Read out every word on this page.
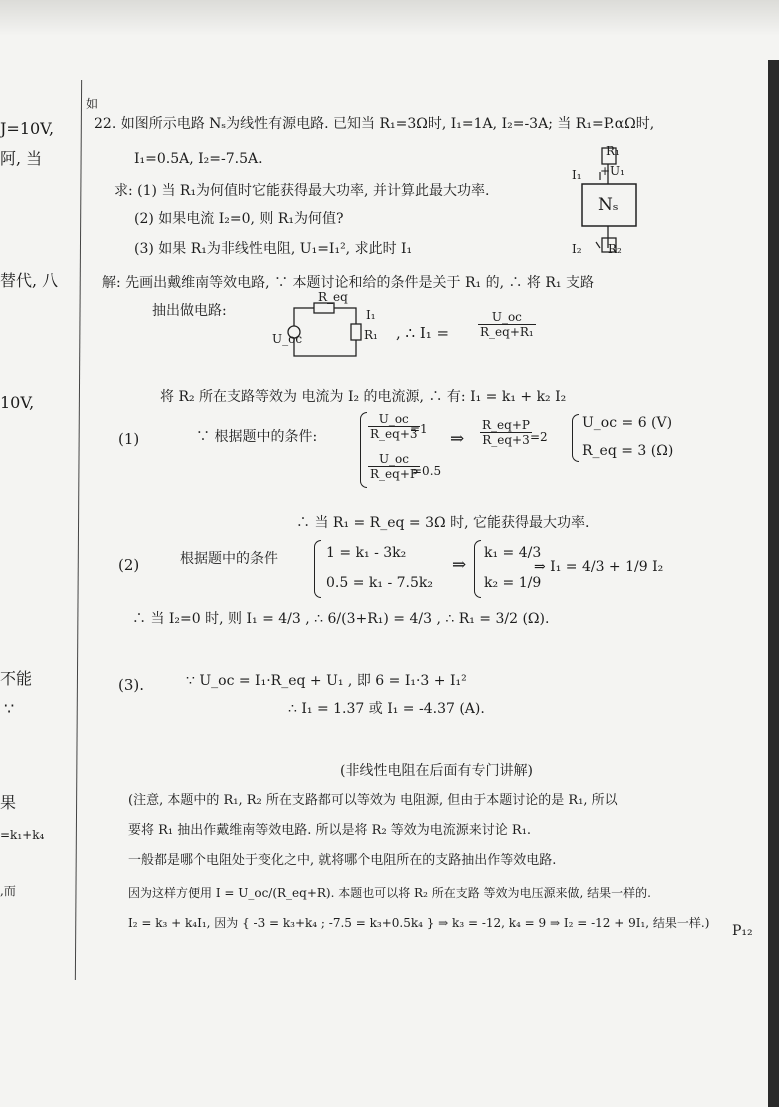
J=10V,
阿, 当
替代, 八
10V,
不能
∵
果
=k₁+k₄
,而
如
22. 如图所示电路 Nₛ为线性有源电路. 已知当 R₁=3Ω时, I₁=1A, I₂=-3A; 当 R₁=P.αΩ时,
I₁=0.5A, I₂=-7.5A.
求: (1) 当 R₁为何值时它能获得最大功率, 并计算此最大功率.
(2) 如果电流 I₂=0, 则 R₁为何值?
(3) 如果 R₁为非线性电阻, U₁=I₁², 求此时 I₁
R₁
+U₁
I₁
Nₛ
I₂ R₂
解: 先画出戴维南等效电路, ∵ 本题讨论和给的条件是关于 R₁ 的, ∴ 将 R₁ 支路
抽出做电路:
R_eq
U_oc	R₁
I₁
, ∴ $I_1 = \frac{U\_oc}{\text{R\_eq+R₁}}$
将 R₂ 所在支路等效为 电流为 I₂ 的电流源, ∴ 有: I₁ = k₁ + k₂ I₂
(1)	∵ 根据题中的条件:	$\frac{U\_oc}{R\_eq+3}$
=1
$\frac{U\_oc}{R\_eq+P}$
=0.5
⇒ $\frac{R\_eq+P}{R\_eq+3}$
=2
U_oc = 6 (V)
R_eq = 3 (Ω)
∴ 当 R₁ = R_eq = 3Ω 时, 它能获得最大功率.
(2)	根据题中的条件	1 = k₁ - 3k₂
0.5 = k₁ - 7.5k₂
⇒
k₁ = 4/3
k₂ = 1/9
⇒ I₁ = 4/3 + 1/9 I₂
∴ 当 I₂=0 时, 则 I₁ = 4/3 , ∴ 6/(3+R₁) = 4/3 , ∴ R₁ = 3/2 (Ω).
(3).	∵ U_oc = I₁·R_eq + U₁ , 即 6 = I₁·3 + I₁²
∴ I₁ = 1.37 或 I₁ = -4.37 (A).
(非线性电阻在后面有专门讲解)
(注意, 本题中的 R₁, R₂ 所在支路都可以等效为 电阻源, 但由于本题讨论的是 R₁, 所以
要将 R₁ 抽出作戴维南等效电路. 所以是将 R₂ 等效为电流源来讨论 R₁.
一般都是哪个电阻处于变化之中, 就将哪个电阻所在的支路抽出作等效电路.
因为这样方便用 I = U_oc/(R_eq+R). 本题也可以将 R₂ 所在支路 等效为电压源来做, 结果一样的.
I₂ = k₃ + k₄I₁, 因为 { -3 = k₃+k₄ ; -7.5 = k₃+0.5k₄ } ⇒ k₃ = -12, k₄ = 9 ⇒ I₂ = -12 + 9I₁, 结果一样.) P₁₂
